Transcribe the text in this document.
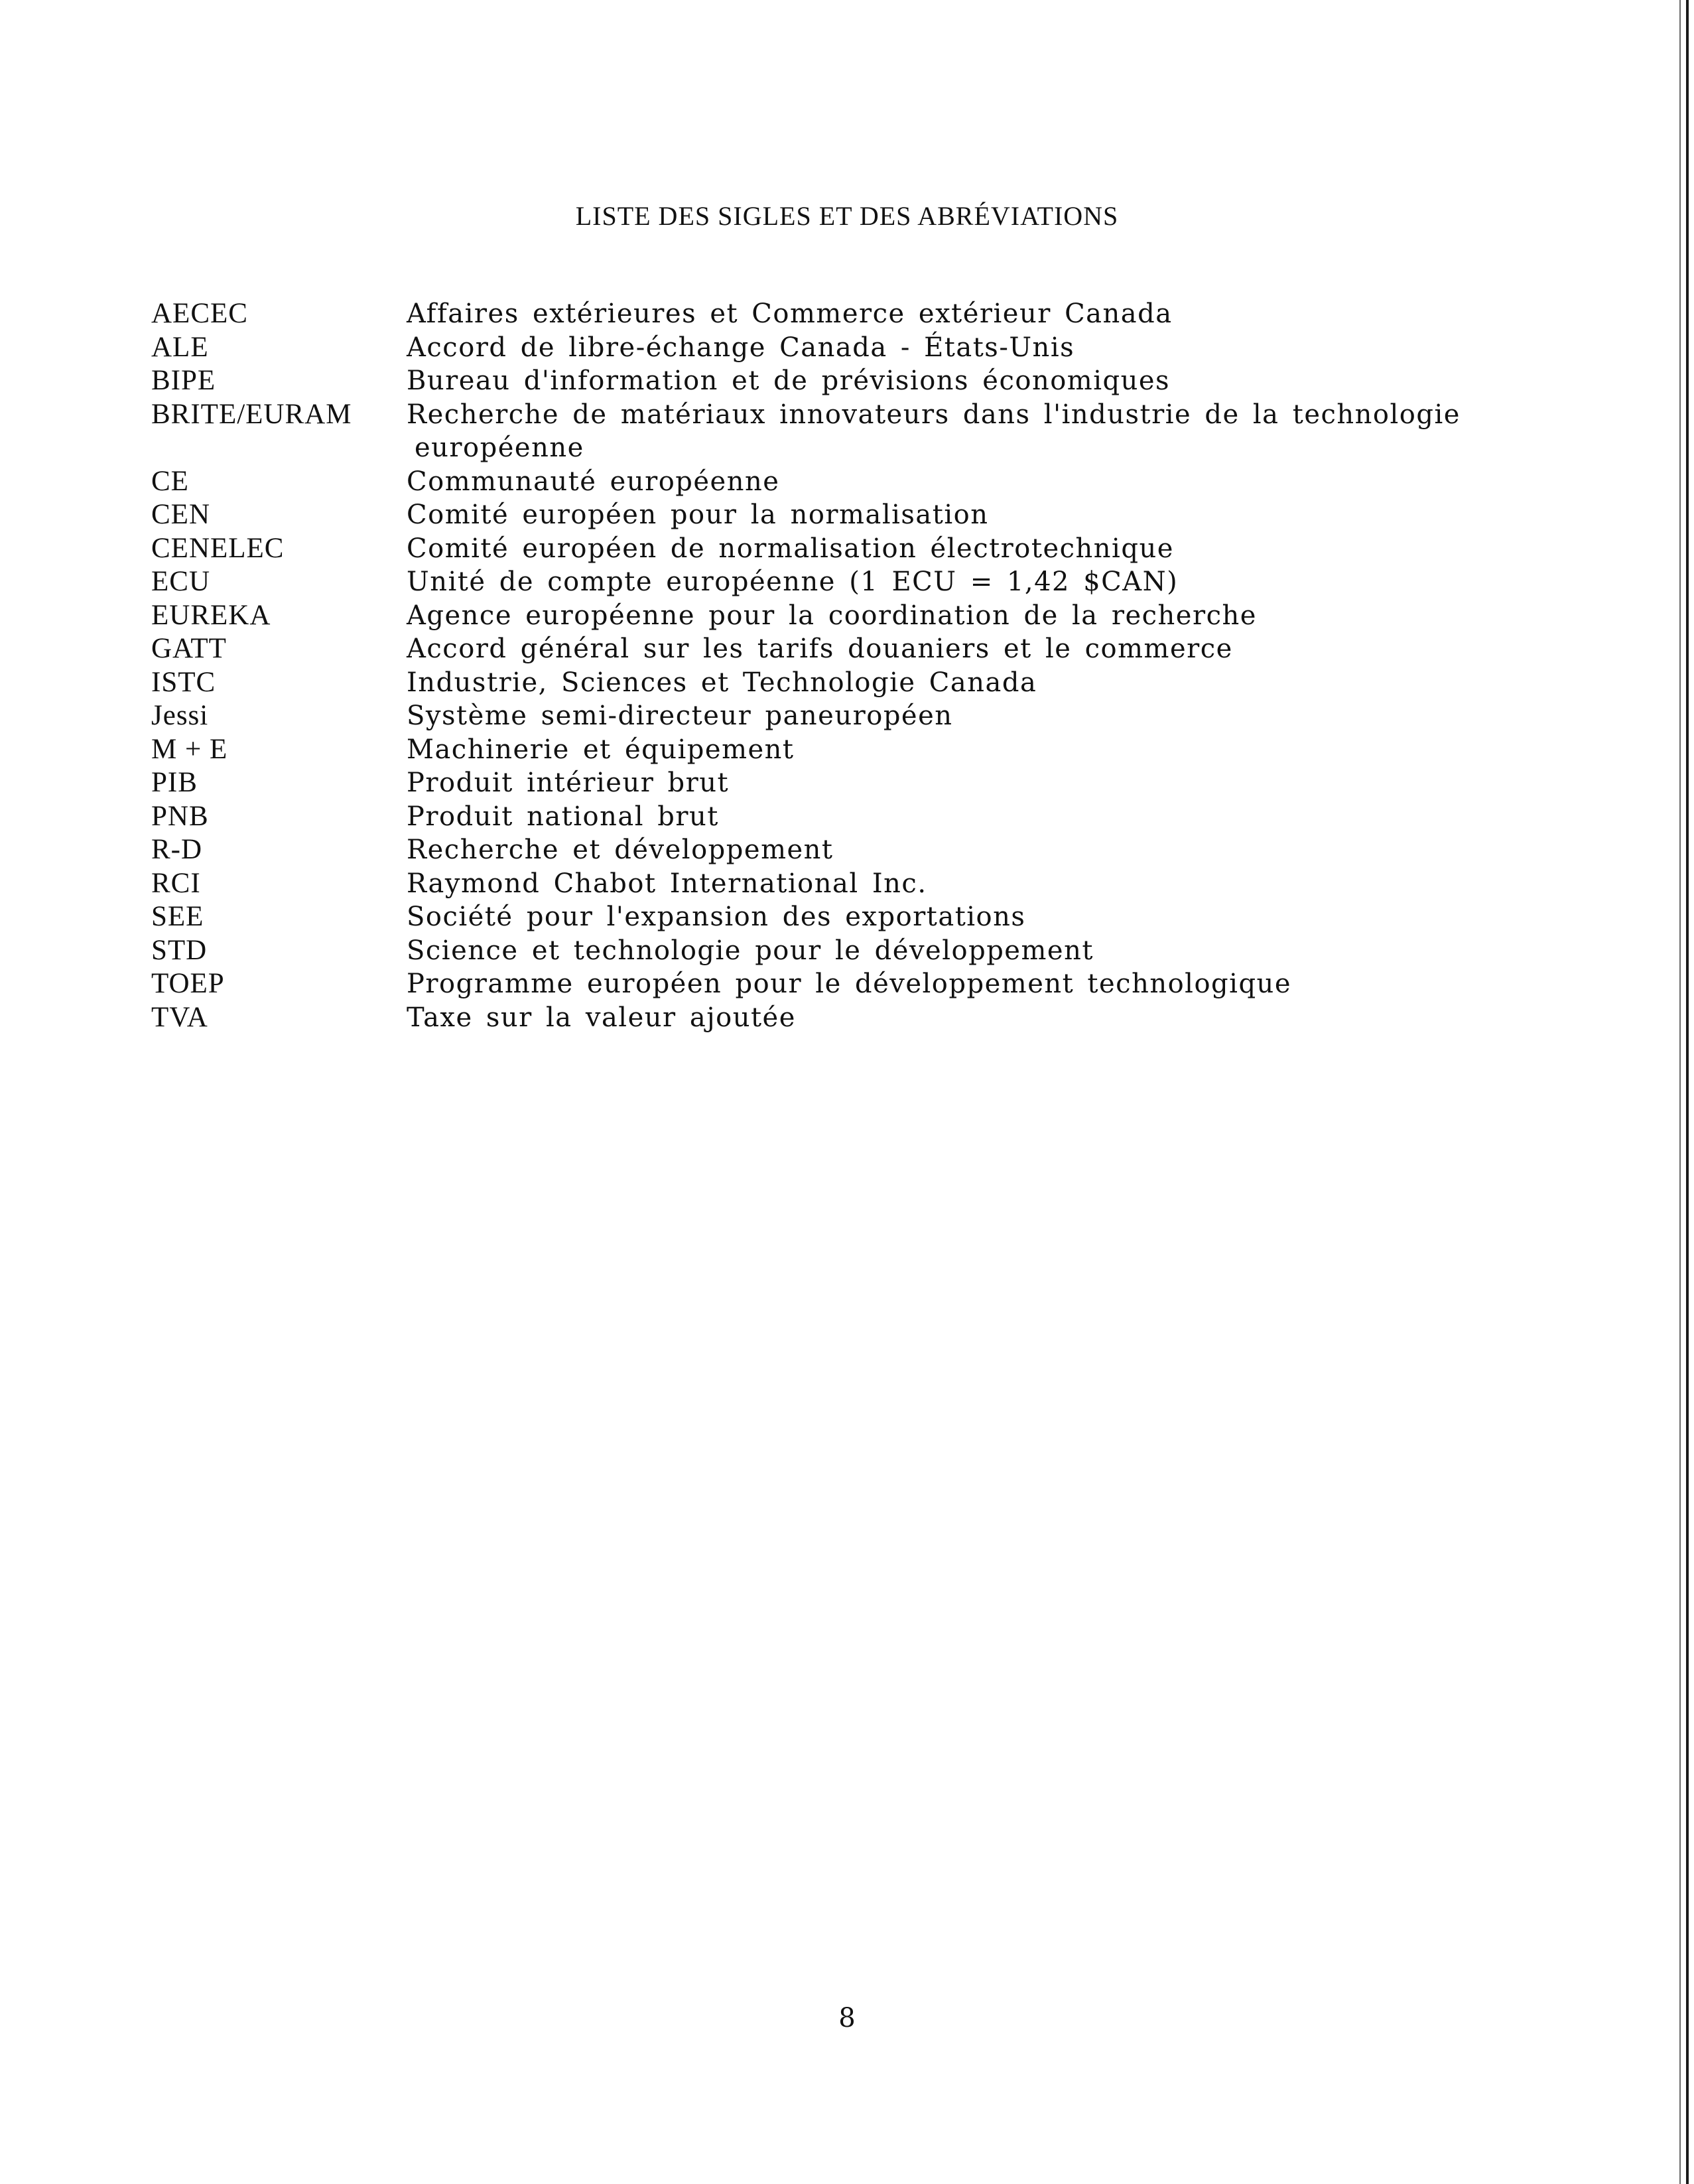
LISTE DES SIGLES ET DES ABRÉVIATIONS
AECEC	Affaires extérieures et Commerce extérieur Canada
ALE	Accord de libre-échange Canada - États-Unis
BIPE	Bureau d'information et de prévisions économiques
BRITE/EURAM	Recherche de matériaux innovateurs dans l'industrie de la technologie
européenne
CE	Communauté européenne
CEN	Comité européen pour la normalisation
CENELEC	Comité européen de normalisation électrotechnique
ECU	Unité de compte européenne (1 ECU = 1,42 $CAN)
EUREKA	Agence européenne pour la coordination de la recherche
GATT	Accord général sur les tarifs douaniers et le commerce
ISTC	Industrie, Sciences et Technologie Canada
Jessi	Système semi-directeur paneuropéen
M + E	Machinerie et équipement
PIB	Produit intérieur brut
PNB	Produit national brut
R-D	Recherche et développement
RCI	Raymond Chabot International Inc.
SEE	Société pour l'expansion des exportations
STD	Science et technologie pour le développement
TOEP	Programme européen pour le développement technologique
TVA	Taxe sur la valeur ajoutée
8
